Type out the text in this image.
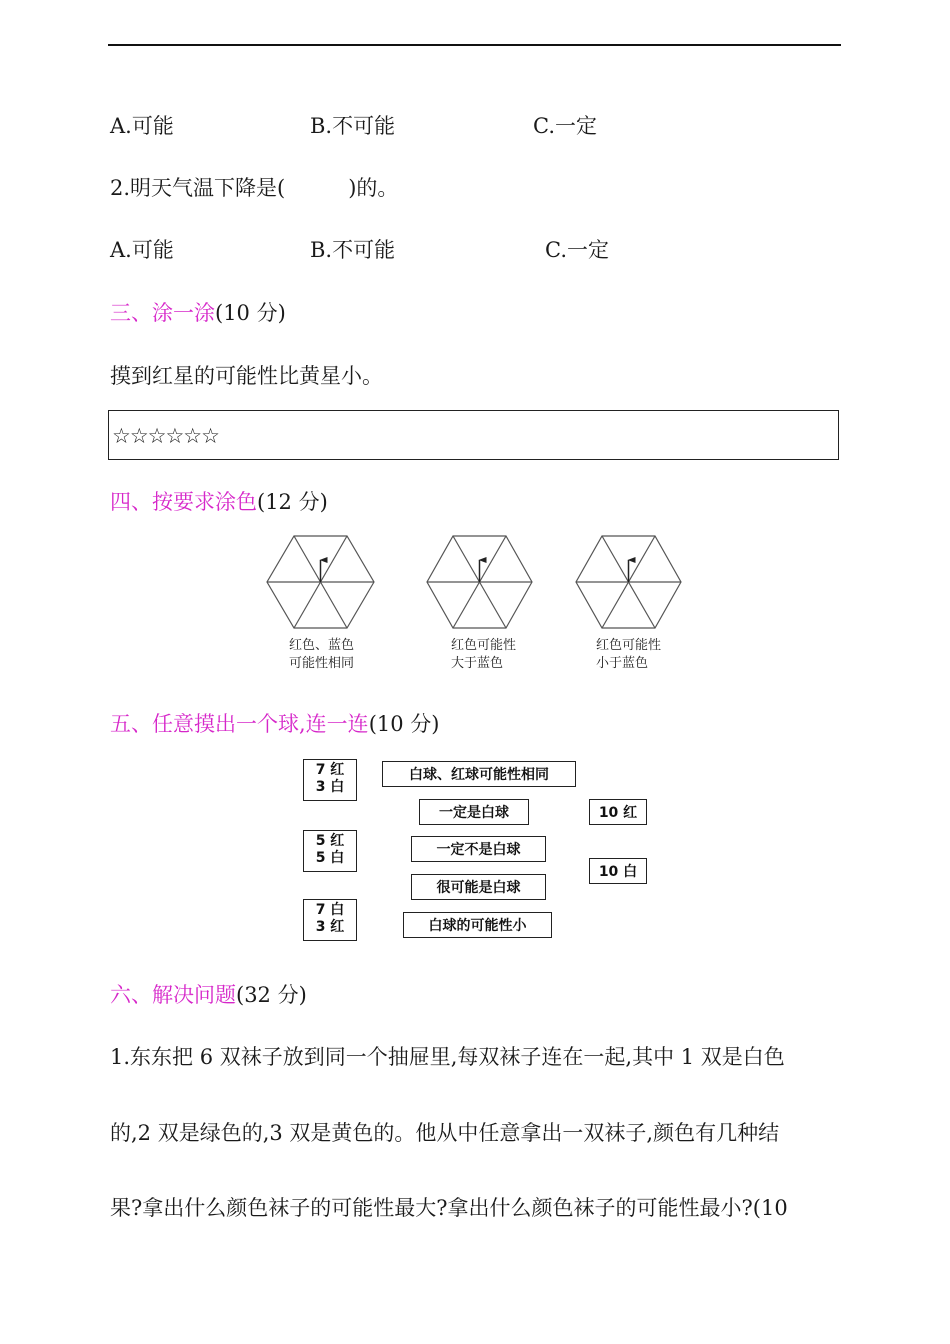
A.可能	B.不可能	C.一定
2.明天气温下降是(　　　)的。
A.可能	B.不可能	C.一定
三、涂一涂(10 分)
摸到红星的可能性比黄星小。
☆☆☆☆☆☆
四、按要求涂色(12 分)
红色、蓝色
可能性相同
红色可能性
大于蓝色
红色可能性
小于蓝色
五、任意摸出一个球,连一连(10 分)
7 红
3 白
5 红
5 白
7 白
3 红
白球、红球可能性相同
一定是白球
一定不是白球
很可能是白球
白球的可能性小
10 红
10 白
六、解决问题(32 分)
1.东东把 6 双袜子放到同一个抽屉里,每双袜子连在一起,其中 1 双是白色
的,2 双是绿色的,3 双是黄色的。他从中任意拿出一双袜子,颜色有几种结
果?拿出什么颜色袜子的可能性最大?拿出什么颜色袜子的可能性最小?(10
